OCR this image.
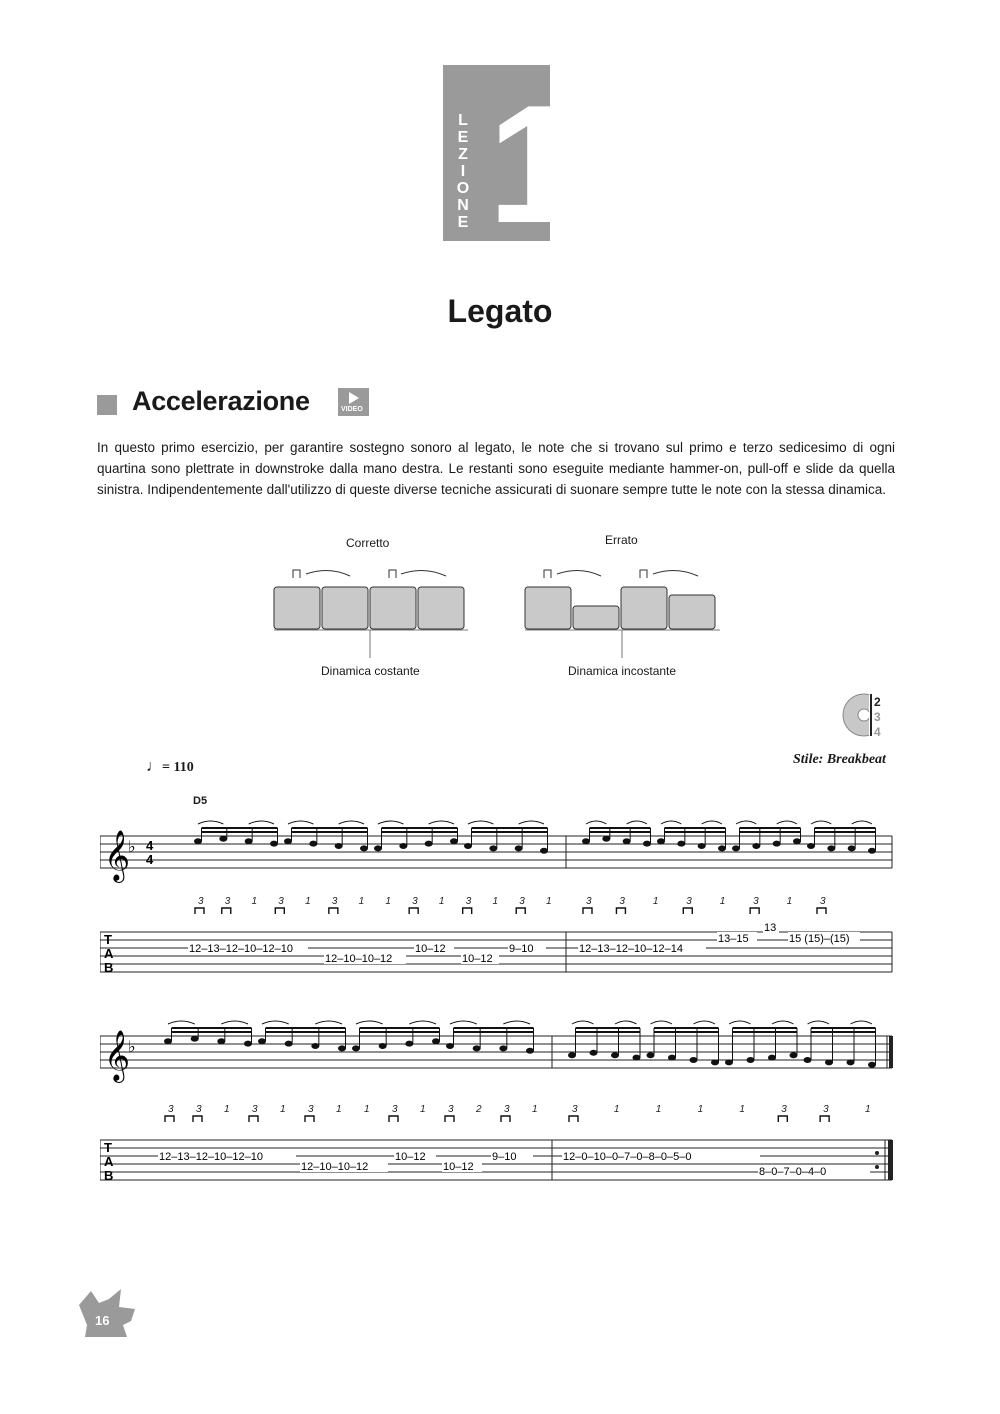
LEZIONE 1
Legato
Accelerazione	VIDEO
In questo primo esercizio, per garantire sostegno sonoro al legato, le note che si trovano sul primo e terzo sedicesimo di ogni quartina sono plettrate in downstroke dalla mano destra. Le restanti sono eseguite mediante hammer-on, pull-off e slide da quella sinistra. Indipendentemente dall'utilizzo di queste diverse tecniche assicurati di suonare sempre tutte le note con la stessa dinamica.
Corretto	Errato
Dinamica costante	Dinamica incostante
2
3
4
♩= 110
Stile: Breakbeat
D5
𝄞
♭ 4
4
3 3 1 3 1 3 1 1 3 1 3 1 3 1	3	3	1	3	1	3	1	3
T
A
B
12–13–12–10–12–10
12–10–10–12
10–12
10–12
9–10	12–13–12–10–12–14
13–15
13
15 (15)–(15)
𝄞
♭
3 3 1 3 1 3 1 1 3 1 3 2 3 1	3	1	1	1	1	3	3	1
T
A
B
12–13–12–10–12–10
12–10–10–12
10–12
10–12
9–10	12–0–10–0–7–0–8–0–5–0
8–0–7–0–4–0
16
